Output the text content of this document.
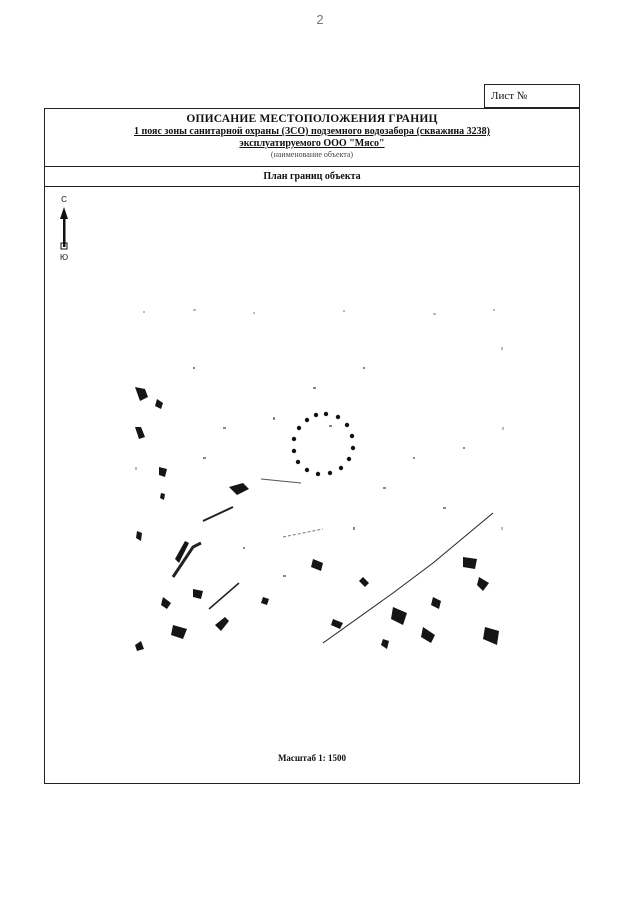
2
Лист №
ОПИСАНИЕ МЕСТОПОЛОЖЕНИЯ ГРАНИЦ
1 пояс зоны санитарной охраны (ЗСО) подземного водозабора (скважина 3238)
эксплуатируемого ООО "Мясо"
(наименование объекта)
План границ объекта
С
Ю
Масштаб 1: 1500
